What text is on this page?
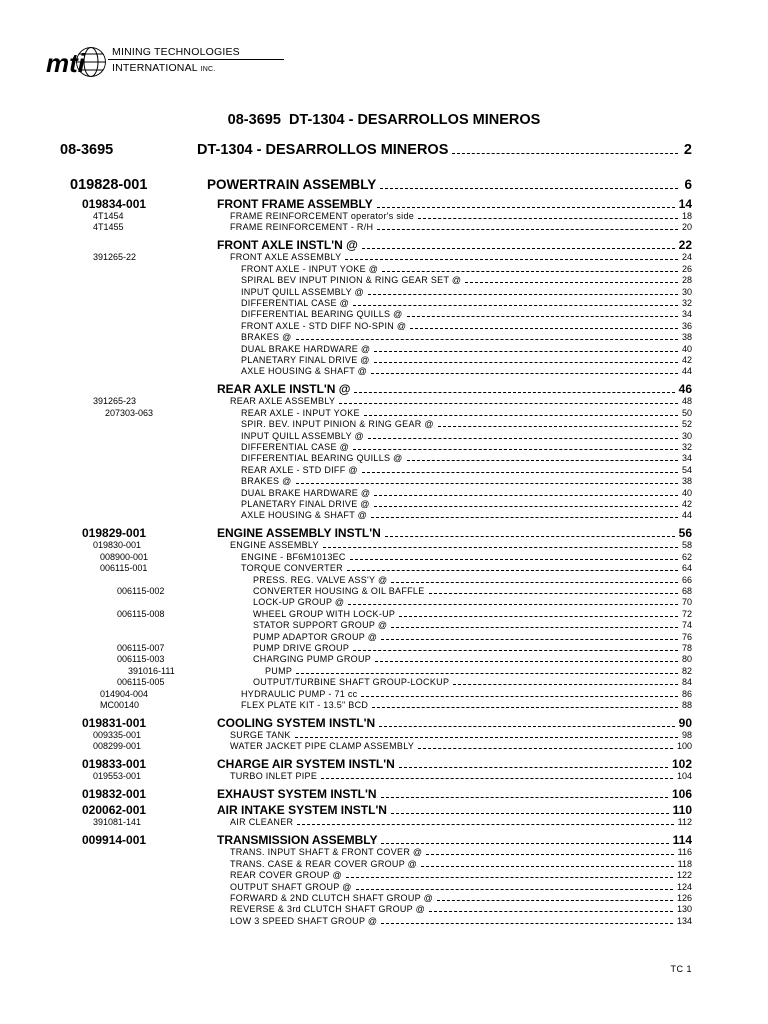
mti	MINING TECHNOLOGIES
INTERNATIONAL INC.
08-3695  DT-1304 - DESARROLLOS MINEROS
08-3695	DT-1304 - DESARROLLOS MINEROS	2
019828-001	POWERTRAIN ASSEMBLY	6
019834-001	FRONT FRAME ASSEMBLY	14
4T1454	FRAME REINFORCEMENT operator's side	18
4T1455	FRAME REINFORCEMENT - R/H	20
FRONT AXLE INSTL'N @	22
391265-22	FRONT AXLE ASSEMBLY	24
FRONT AXLE - INPUT YOKE @	26
SPIRAL BEV INPUT PINION & RING GEAR SET @	28
INPUT QUILL ASSEMBLY @	30
DIFFERENTIAL CASE @	32
DIFFERENTIAL BEARING QUILLS @	34
FRONT AXLE - STD DIFF NO-SPIN @	36
BRAKES @	38
DUAL BRAKE HARDWARE @	40
PLANETARY FINAL DRIVE @	42
AXLE HOUSING & SHAFT @	44
REAR AXLE INSTL'N @	46
391265-23	REAR AXLE ASSEMBLY	48
207303-063	REAR AXLE - INPUT YOKE	50
SPIR. BEV. INPUT PINION & RING GEAR @	52
INPUT QUILL ASSEMBLY @	30
DIFFERENTIAL CASE @	32
DIFFERENTIAL BEARING QUILLS @	34
REAR AXLE - STD DIFF @	54
BRAKES @	38
DUAL BRAKE HARDWARE @	40
PLANETARY FINAL DRIVE @	42
AXLE HOUSING & SHAFT @	44
019829-001	ENGINE ASSEMBLY INSTL'N	56
019830-001	ENGINE ASSEMBLY	58
008900-001	ENGINE - BF6M1013EC	62
006115-001	TORQUE CONVERTER	64
PRESS. REG. VALVE ASS'Y @	66
006115-002	CONVERTER HOUSING & OIL BAFFLE	68
LOCK-UP GROUP @	70
006115-008	WHEEL GROUP WITH LOCK-UP	72
STATOR SUPPORT GROUP @	74
PUMP ADAPTOR GROUP @	76
006115-007	PUMP DRIVE GROUP	78
006115-003	CHARGING PUMP GROUP	80
391016-111	PUMP	82
006115-005	OUTPUT/TURBINE SHAFT GROUP-LOCKUP	84
014904-004	HYDRAULIC PUMP - 71 cc	86
MC00140	FLEX PLATE KIT - 13.5" BCD	88
019831-001	COOLING SYSTEM INSTL'N	90
009335-001	SURGE TANK	98
008299-001	WATER JACKET PIPE CLAMP ASSEMBLY	100
019833-001	CHARGE AIR SYSTEM INSTL'N	102
019553-001	TURBO INLET PIPE	104
019832-001	EXHAUST SYSTEM INSTL'N	106
020062-001	AIR INTAKE SYSTEM INSTL'N	110
391081-141	AIR CLEANER	112
009914-001	TRANSMISSION ASSEMBLY	114
TRANS. INPUT SHAFT & FRONT COVER @	116
TRANS. CASE & REAR COVER GROUP @	118
REAR COVER GROUP @	122
OUTPUT SHAFT GROUP @	124
FORWARD & 2ND CLUTCH SHAFT GROUP @	126
REVERSE & 3rd CLUTCH SHAFT GROUP @	130
LOW 3 SPEED SHAFT GROUP @	134
TC 1
